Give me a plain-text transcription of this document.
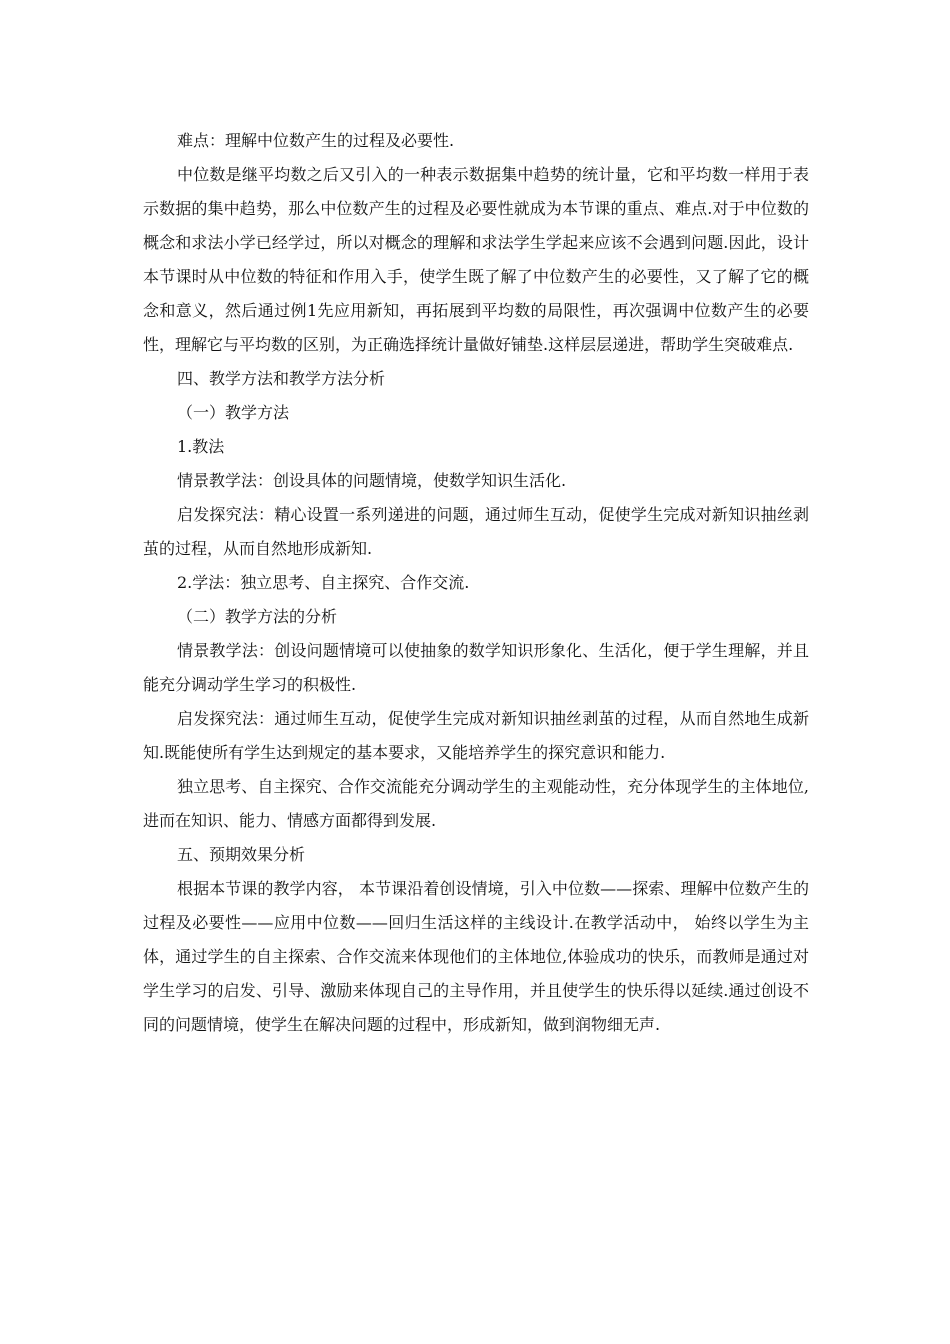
难点：理解中位数产生的过程及必要性.

中位数是继平均数之后又引入的一种表示数据集中趋势的统计量，它和平均数一样用于表示数据的集中趋势，那么中位数产生的过程及必要性就成为本节课的重点、难点.对于中位数的概念和求法小学已经学过，所以对概念的理解和求法学生学起来应该不会遇到问题.因此，设计本节课时从中位数的特征和作用入手，使学生既了解了中位数产生的必要性，又了解了它的概念和意义，然后通过例1先应用新知，再拓展到平均数的局限性，再次强调中位数产生的必要性，理解它与平均数的区别，为正确选择统计量做好铺垫.这样层层递进，帮助学生突破难点.

四、教学方法和教学方法分析

（一）教学方法

1.教法

情景教学法：创设具体的问题情境，使数学知识生活化.

启发探究法：精心设置一系列递进的问题，通过师生互动，促使学生完成对新知识抽丝剥茧的过程，从而自然地形成新知.

2.学法：独立思考、自主探究、合作交流.

（二）教学方法的分析

情景教学法：创设问题情境可以使抽象的数学知识形象化、生活化，便于学生理解，并且能充分调动学生学习的积极性.

启发探究法：通过师生互动，促使学生完成对新知识抽丝剥茧的过程，从而自然地生成新知.既能使所有学生达到规定的基本要求，又能培养学生的探究意识和能力.

独立思考、自主探究、合作交流能充分调动学生的主观能动性，充分体现学生的主体地位,进而在知识、能力、情感方面都得到发展.

五、预期效果分析

根据本节课的教学内容， 本节课沿着创设情境，引入中位数——探索、理解中位数产生的过程及必要性——应用中位数——回归生活这样的主线设计.在教学活动中， 始终以学生为主体，通过学生的自主探索、合作交流来体现他们的主体地位,体验成功的快乐，而教师是通过对学生学习的启发、引导、激励来体现自己的主导作用，并且使学生的快乐得以延续.通过创设不同的问题情境，使学生在解决问题的过程中，形成新知，做到润物细无声.
